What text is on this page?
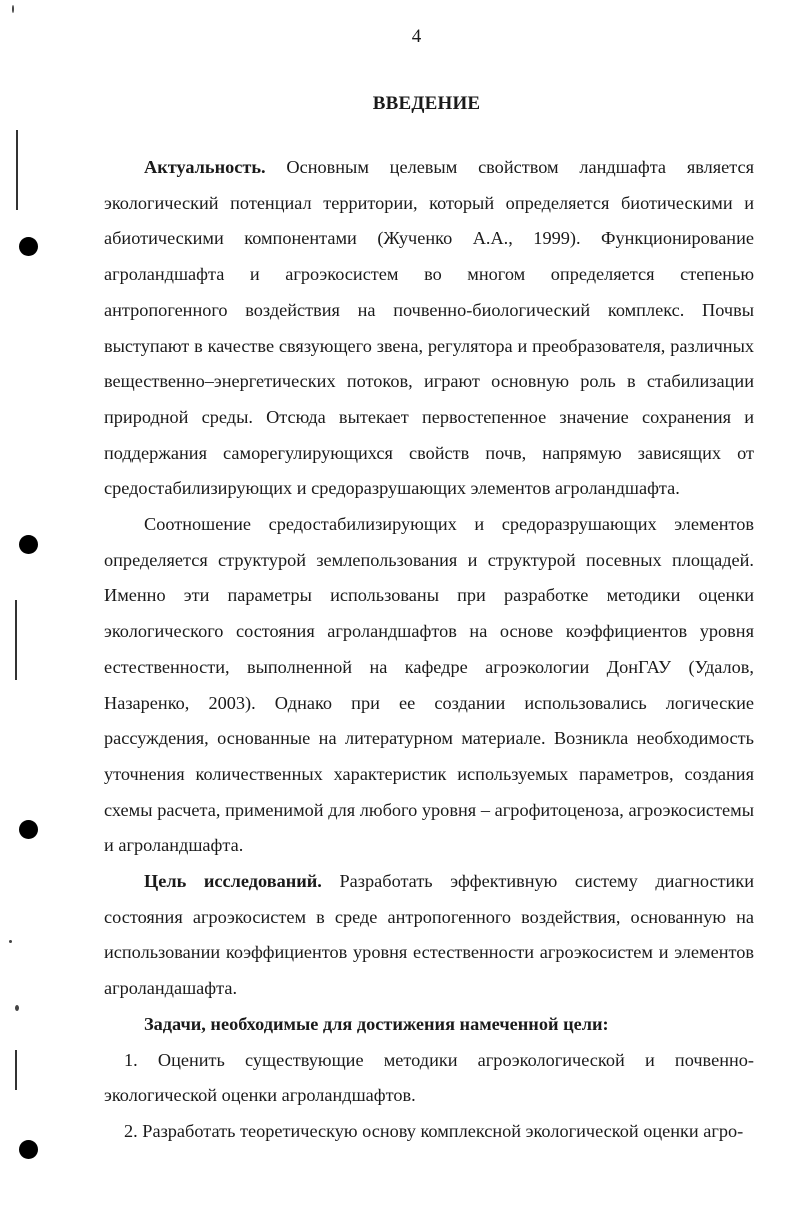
4
ВВЕДЕНИЕ

Актуальность. Основным целевым свойством ландшафта является экологический потенциал территории, который определяется биотическими и абиотическими компонентами (Жученко А.А., 1999). Функционирование агроландшафта и агроэкосистем во многом определяется степенью антропогенного воздействия на почвенно-биологический комплекс. Почвы выступают в качестве связующего звена, регулятора и преобразователя, различных вещественно–энергетических потоков, играют основную роль в стабилизации природной среды. Отсюда вытекает первостепенное значение сохранения и поддержания саморегулирующихся свойств почв, напрямую зависящих от средостабилизирующих и средоразрушающих элементов агроландшафта.

Соотношение средостабилизирующих и средоразрушающих элементов определяется структурой землепользования и структурой посевных площадей. Именно эти параметры использованы при разработке методики оценки экологического состояния агроландшафтов на основе коэффициентов уровня естественности, выполненной на кафедре агроэкологии ДонГАУ (Удалов, Назаренко, 2003). Однако при ее создании использовались логические рассуждения, основанные на литературном материале. Возникла необходимость уточнения количественных характеристик используемых параметров, создания схемы расчета, применимой для любого уровня – агрофитоценоза, агроэкосистемы и агроландшафта.

Цель исследований. Разработать эффективную систему диагностики состояния агроэкосистем в среде антропогенного воздействия, основанную на использовании коэффициентов уровня естественности агроэкосистем и элементов агроландашафта.

Задачи, необходимые для достижения намеченной цели:

1. Оценить существующие методики агроэкологической и почвенно-экологической оценки агроландшафтов.

2. Разработать теоретическую основу комплексной экологической оценки агро-
